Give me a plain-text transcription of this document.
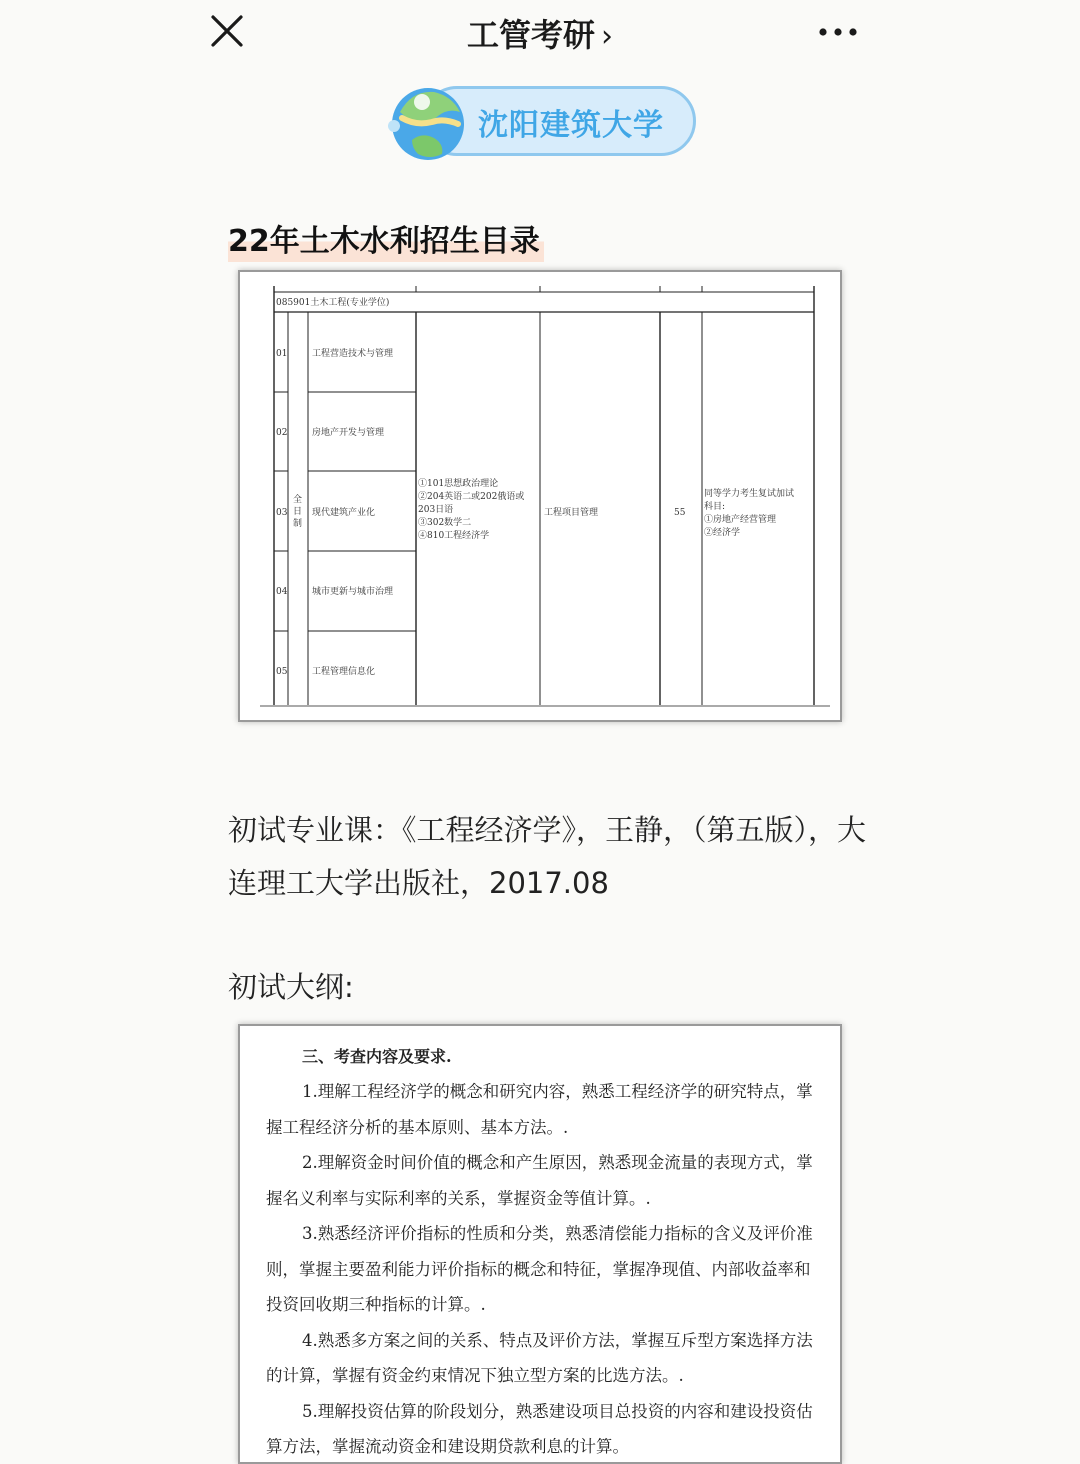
工管考研 ›
沈阳建筑大学
22年土木水利招生目录
085901土木工程(专业学位)
01	工程营造技术与管理
02	房地产开发与管理
03	现代建筑产业化
04	城市更新与城市治理
05	工程管理信息化
全日制
①101思想政治理论
②204英语二或202俄语或
203日语
③302数学二
④810工程经济学
工程项目管理	55
同等学力考生复试加试
科目:
①房地产经营管理
②经济学
初试专业课：《工程经济学》，王静，（第五版），大连理工大学出版社，2017.08
初试大纲:
三、考查内容及要求.

1.理解工程经济学的概念和研究内容，熟悉工程经济学的研究特点，掌握工程经济分析的基本原则、基本方法。.

2.理解资金时间价值的概念和产生原因，熟悉现金流量的表现方式，掌握名义利率与实际利率的关系，掌握资金等值计算。.

3.熟悉经济评价指标的性质和分类，熟悉清偿能力指标的含义及评价准则，掌握主要盈利能力评价指标的概念和特征，掌握净现值、内部收益率和投资回收期三种指标的计算。.

4.熟悉多方案之间的关系、特点及评价方法，掌握互斥型方案选择方法的计算，掌握有资金约束情况下独立型方案的比选方法。.

5.理解投资估算的阶段划分，熟悉建设项目总投资的内容和建设投资估算方法，掌握流动资金和建设期贷款利息的计算。
